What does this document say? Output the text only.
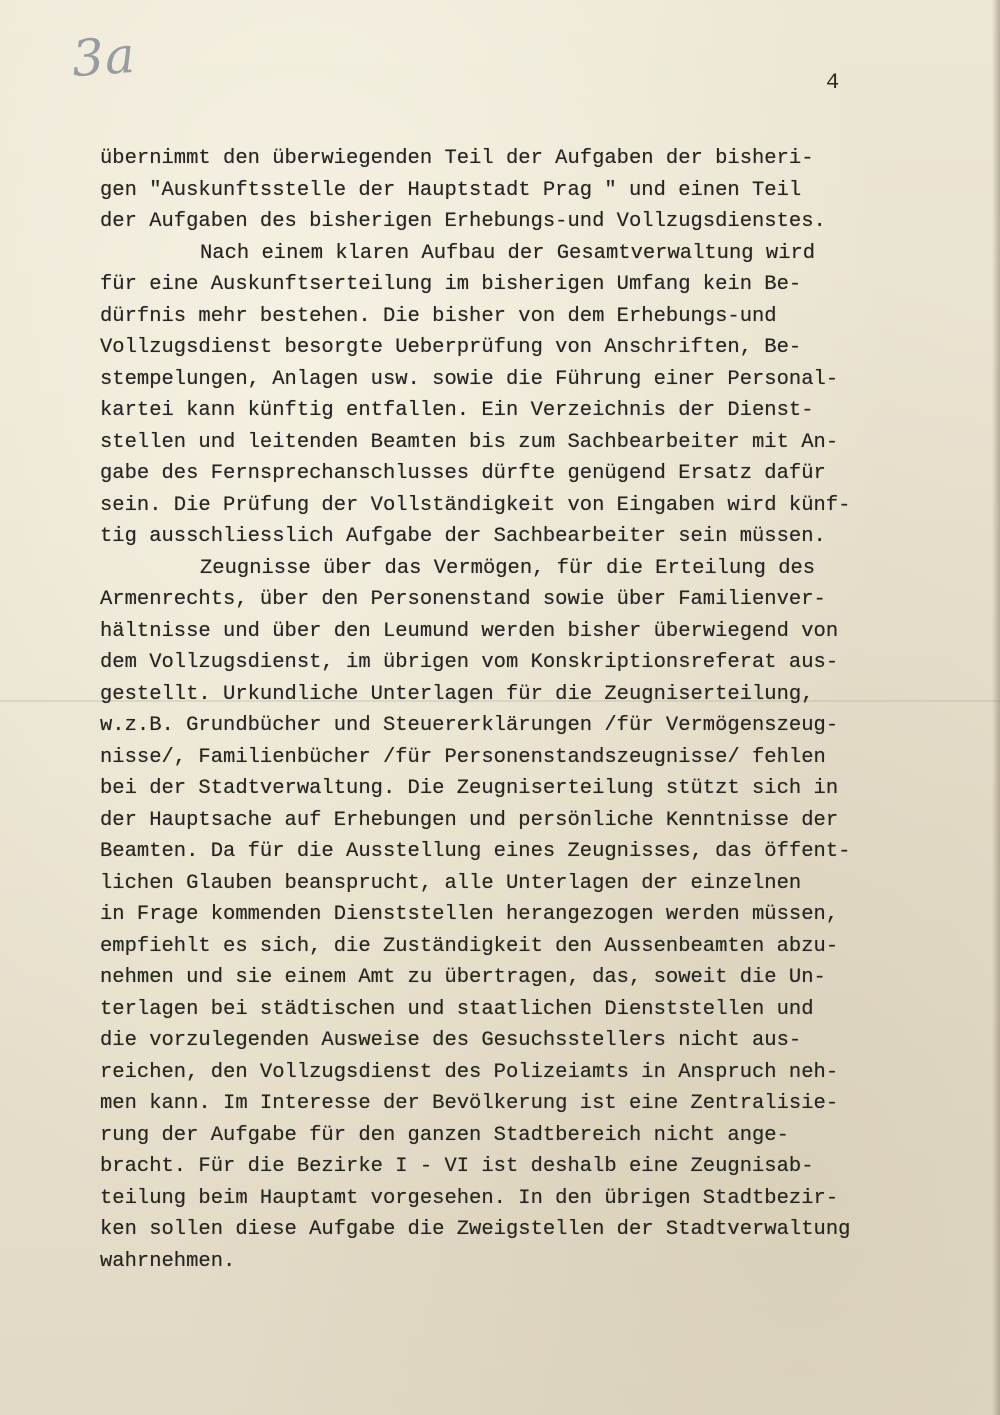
3a	4
übernimmt den überwiegenden Teil der Aufgaben der bisheri-
gen "Auskunftsstelle der Hauptstadt Prag " und einen Teil
der Aufgaben des bisherigen Erhebungs-und Vollzugsdienstes.
Nach einem klaren Aufbau der Gesamtverwaltung wird
für eine Auskunftserteilung im bisherigen Umfang kein Be-
dürfnis mehr bestehen. Die bisher von dem Erhebungs-und
Vollzugsdienst besorgte Ueberprüfung von Anschriften, Be-
stempelungen, Anlagen usw. sowie die Führung einer Personal-
kartei kann künftig entfallen. Ein Verzeichnis der Dienst-
stellen und leitenden Beamten bis zum Sachbearbeiter mit An-
gabe des Fernsprechanschlusses dürfte genügend Ersatz dafür
sein. Die Prüfung der Vollständigkeit von Eingaben wird künf-
tig ausschliesslich Aufgabe der Sachbearbeiter sein müssen.
Zeugnisse über das Vermögen, für die Erteilung des
Armenrechts, über den Personenstand sowie über Familienver-
hältnisse und über den Leumund werden bisher überwiegend von
dem Vollzugsdienst, im übrigen vom Konskriptionsreferat aus-
gestellt. Urkundliche Unterlagen für die Zeugniserteilung,
w.z.B. Grundbücher und Steuererklärungen /für Vermögenszeug-
nisse/, Familienbücher /für Personenstandszeugnisse/ fehlen
bei der Stadtverwaltung. Die Zeugniserteilung stützt sich in
der Hauptsache auf Erhebungen und persönliche Kenntnisse der
Beamten. Da für die Ausstellung eines Zeugnisses, das öffent-
lichen Glauben beansprucht, alle Unterlagen der einzelnen
in Frage kommenden Dienststellen herangezogen werden müssen,
empfiehlt es sich, die Zuständigkeit den Aussenbeamten abzu-
nehmen und sie einem Amt zu übertragen, das, soweit die Un-
terlagen bei städtischen und staatlichen Dienststellen und
die vorzulegenden Ausweise des Gesuchsstellers nicht aus-
reichen, den Vollzugsdienst des Polizeiamts in Anspruch neh-
men kann. Im Interesse der Bevölkerung ist eine Zentralisie-
rung der Aufgabe für den ganzen Stadtbereich nicht ange-
bracht. Für die Bezirke I - VI ist deshalb eine Zeugnisab-
teilung beim Hauptamt vorgesehen. In den übrigen Stadtbezir-
ken sollen diese Aufgabe die Zweigstellen der Stadtverwaltung
wahrnehmen.
